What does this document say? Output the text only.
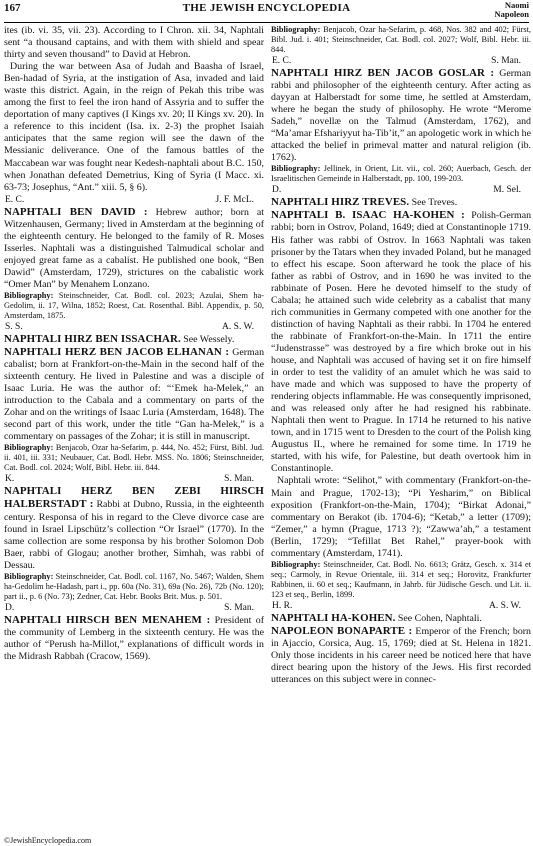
167	THE JEWISH ENCYCLOPEDIA	Naomi
Napoleon

ites (ib. vi. 35, vii. 23). According to I Chron. xii. 34, Naphtali sent “a thousand captains, and with them with shield and spear thirty and seven thousand” to David at Hebron.

During the war between Asa of Judah and Baasha of Israel, Ben-hadad of Syria, at the instigation of Asa, invaded and laid waste this district. Again, in the reign of Pekah this tribe was among the first to feel the iron hand of Assyria and to suffer the deportation of many captives (I Kings xv. 20; II Kings xv. 20). In a reference to this incident (Isa. ix. 2-3) the prophet Isaiah anticipates that the same region will see the dawn of the Messianic deliverance. One of the famous battles of the Maccabean war was fought near Kedesh-naphtali about B.C. 150, when Jonathan defeated Demetrius, King of Syria (I Macc. xi. 63-73; Josephus, “Ant.” xiii. 5, § 6).

E. C.	J. F. McL.

NAPHTALI BEN DAVID : Hebrew author; born at Witzenhausen, Germany; lived in Amsterdam at the beginning of the eighteenth century. He belonged to the family of R. Moses Isserles. Naphtali was a distinguished Talmudical scholar and enjoyed great fame as a cabalist. He published one book, “Ben Dawid” (Amsterdam, 1729), strictures on the cabalistic work “Omer Man” by Menahem Lonzano.

Bibliography: Steinschneider, Cat. Bodl. col. 2023; Azulai, Shem ha-Gedolim, ii. 17, Wilna, 1852; Roest, Cat. Rosenthal. Bibl. Appendix, p. 50, Amsterdam, 1875.

S. S.	A. S. W.

NAPHTALI HIRZ BEN ISSACHAR. See Wessely.

NAPHTALI HERZ BEN JACOB ELHANAN : German cabalist; born at Frankfort-on-the-Main in the second half of the sixteenth century. He lived in Palestine and was a disciple of Isaac Luria. He was the author of: “‘Emek ha-Melek,” an introduction to the Cabala and a commentary on parts of the Zohar and on the writings of Isaac Luria (Amsterdam, 1648). The second part of this work, under the title “Gan ha-Melek,” is a commentary on passages of the Zohar; it is still in manuscript.

Bibliography: Benjacob, Ozar ha-Sefarim, p. 444, No. 452; Fürst, Bibl. Jud. ii. 401, iii. 331; Neubauer, Cat. Bodl. Hebr. MSS. No. 1806; Steinschneider, Cat. Bodl. col. 2024; Wolf, Bibl. Hebr. iii. 844.

K.	S. Man.

NAPHTALI HERZ BEN ZEBI HIRSCH HALBERSTADT : Rabbi at Dubno, Russia, in the eighteenth century. Responsa of his in regard to the Cleve divorce case are found in Israel Lipschütz’s collection “Or Israel” (1770). In the same collection are some responsa by his brother Solomon Dob Baer, rabbi of Glogau; another brother, Simhah, was rabbi of Dessau.

Bibliography: Steinschneider, Cat. Bodl. col. 1167, No. 5467; Walden, Shem ha-Gedolim he-Hadash, part i., pp. 60a (No. 31), 69a (No. 26), 72b (No. 120); part ii., p. 6 (No. 73); Zedner, Cat. Hebr. Books Brit. Mus. p. 501.

D.	S. Man.

NAPHTALI HIRSCH BEN MENAHEM : President of the community of Lemberg in the sixteenth century. He was the author of “Perush ha-Millot,” explanations of difficult words in the Midrash Rabbah (Cracow, 1569).

Bibliography: Benjacob, Ozar ha-Sefarim, p. 468, Nos. 382 and 402; Fürst, Bibl. Jud. i. 401; Steinschneider, Cat. Bodl. col. 2027; Wolf, Bibl. Hebr. iii. 844.

E. C.	S. Man.

NAPHTALI HIRZ BEN JACOB GOSLAR : German rabbi and philosopher of the eighteenth century. After acting as dayyan at Halberstadt for some time, he settled at Amsterdam, where he began the study of philosophy. He wrote “Merome Sadeh,” novellæ on the Talmud (Amsterdam, 1762), and “Ma’amar Efshariyyut ha-Tib’it,” an apologetic work in which he attacked the belief in primeval matter and natural religion (ib. 1762).

Bibliography: Jellinek, in Orient, Lit. vii., col. 260; Auerbach, Gesch. der Israelitischen Gemeinde in Halberstadt, pp. 100, 199-203.

D.	M. Sel.

NAPHTALI HIRZ TREVES. See Treves.

NAPHTALI B. ISAAC HA-KOHEN : Polish-German rabbi; born in Ostrov, Poland, 1649; died at Constantinople 1719. His father was rabbi of Ostrov. In 1663 Naphtali was taken prisoner by the Tatars when they invaded Poland, but he managed to effect his escape. Soon afterward he took the place of his father as rabbi of Ostrov, and in 1690 he was invited to the rabbinate of Posen. Here he devoted himself to the study of Cabala; he attained such wide celebrity as a cabalist that many rich communities in Germany competed with one another for the distinction of having Naphtali as their rabbi. In 1704 he entered the rabbinate of Frankfort-on-the-Main. In 1711 the entire “Judenstrasse” was destroyed by a fire which broke out in his house, and Naphtali was accused of having set it on fire himself in order to test the validity of an amulet which he was said to have made and which was supposed to have the property of rendering objects inflammable. He was consequently imprisoned, and was released only after he had resigned his rabbinate. Naphtali then went to Prague. In 1714 he returned to his native town, and in 1715 went to Dresden to the court of the Polish king Augustus II., where he remained for some time. In 1719 he started, with his wife, for Palestine, but death overtook him in Constantinople.

Naphtali wrote: “Selihot,” with commentary (Frankfort-on-the-Main and Prague, 1702-13); “Pi Yesharim,” on Biblical exposition (Frankfort-on-the-Main, 1704); “Birkat Adonai,” commentary on Berakot (ib. 1704-6); “Ketab,” a letter (1709); “Zemer,” a hymn (Prague, 1713 ?); “Zawwa’ah,” a testament (Berlin, 1729); “Tefillat Bet Rahel,” prayer-book with commentary (Amsterdam, 1741).

Bibliography: Steinschneider, Cat. Bodl. No. 6613; Grätz, Gesch. x. 314 et seq.; Carmoly, in Revue Orientale, iii. 314 et seq.; Horovitz, Frankfurter Rabbinen, ii. 60 et seq.; Kaufmann, in Jahrb. für Jüdische Gesch. und Lit. ii. 123 et seq., Berlin, 1899.

H. R.	A. S. W.

NAPHTALI HA-KOHEN. See Cohen, Naphtali.

NAPOLEON BONAPARTE : Emperor of the French; born in Ajaccio, Corsica, Aug. 15, 1769; died at St. Helena in 1821. Only those incidents in his career need be noticed here that have direct bearing upon the history of the Jews. His first recorded utterances on this subject were in connec-

©JewishEncyclopedia.com
